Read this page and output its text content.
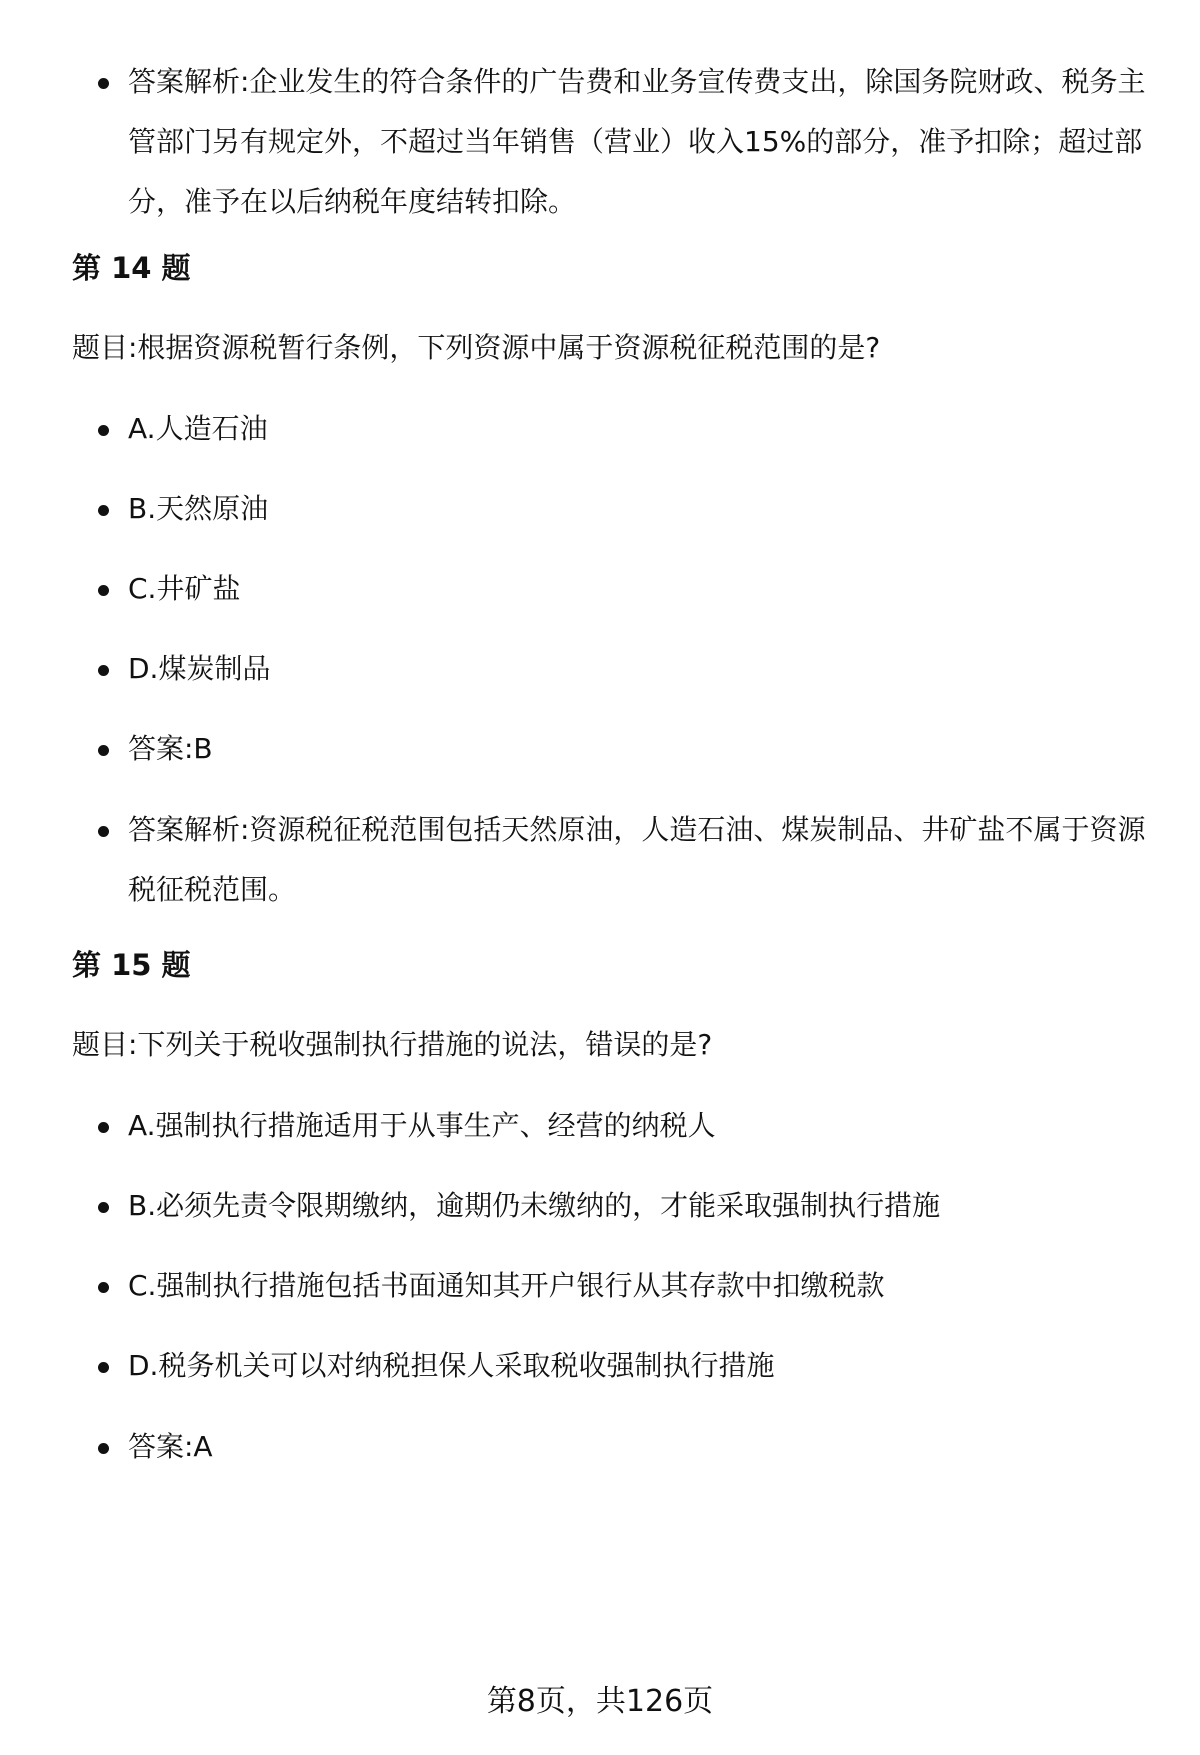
答案解析:企业发生的符合条件的广告费和业务宣传费支出，除国务院财政、税务主管部门另有规定外，不超过当年销售（营业）收入15%的部分，准予扣除；超过部分，准予在以后纳税年度结转扣除。
第 14 题
题目:根据资源税暂行条例，下列资源中属于资源税征税范围的是?
A.人造石油
B.天然原油
C.井矿盐
D.煤炭制品
答案:B
答案解析:资源税征税范围包括天然原油，人造石油、煤炭制品、井矿盐不属于资源税征税范围。
第 15 题
题目:下列关于税收强制执行措施的说法，错误的是?
A.强制执行措施适用于从事生产、经营的纳税人
B.必须先责令限期缴纳，逾期仍未缴纳的，才能采取强制执行措施
C.强制执行措施包括书面通知其开户银行从其存款中扣缴税款
D.税务机关可以对纳税担保人采取税收强制执行措施
答案:A
第8页，共126页
